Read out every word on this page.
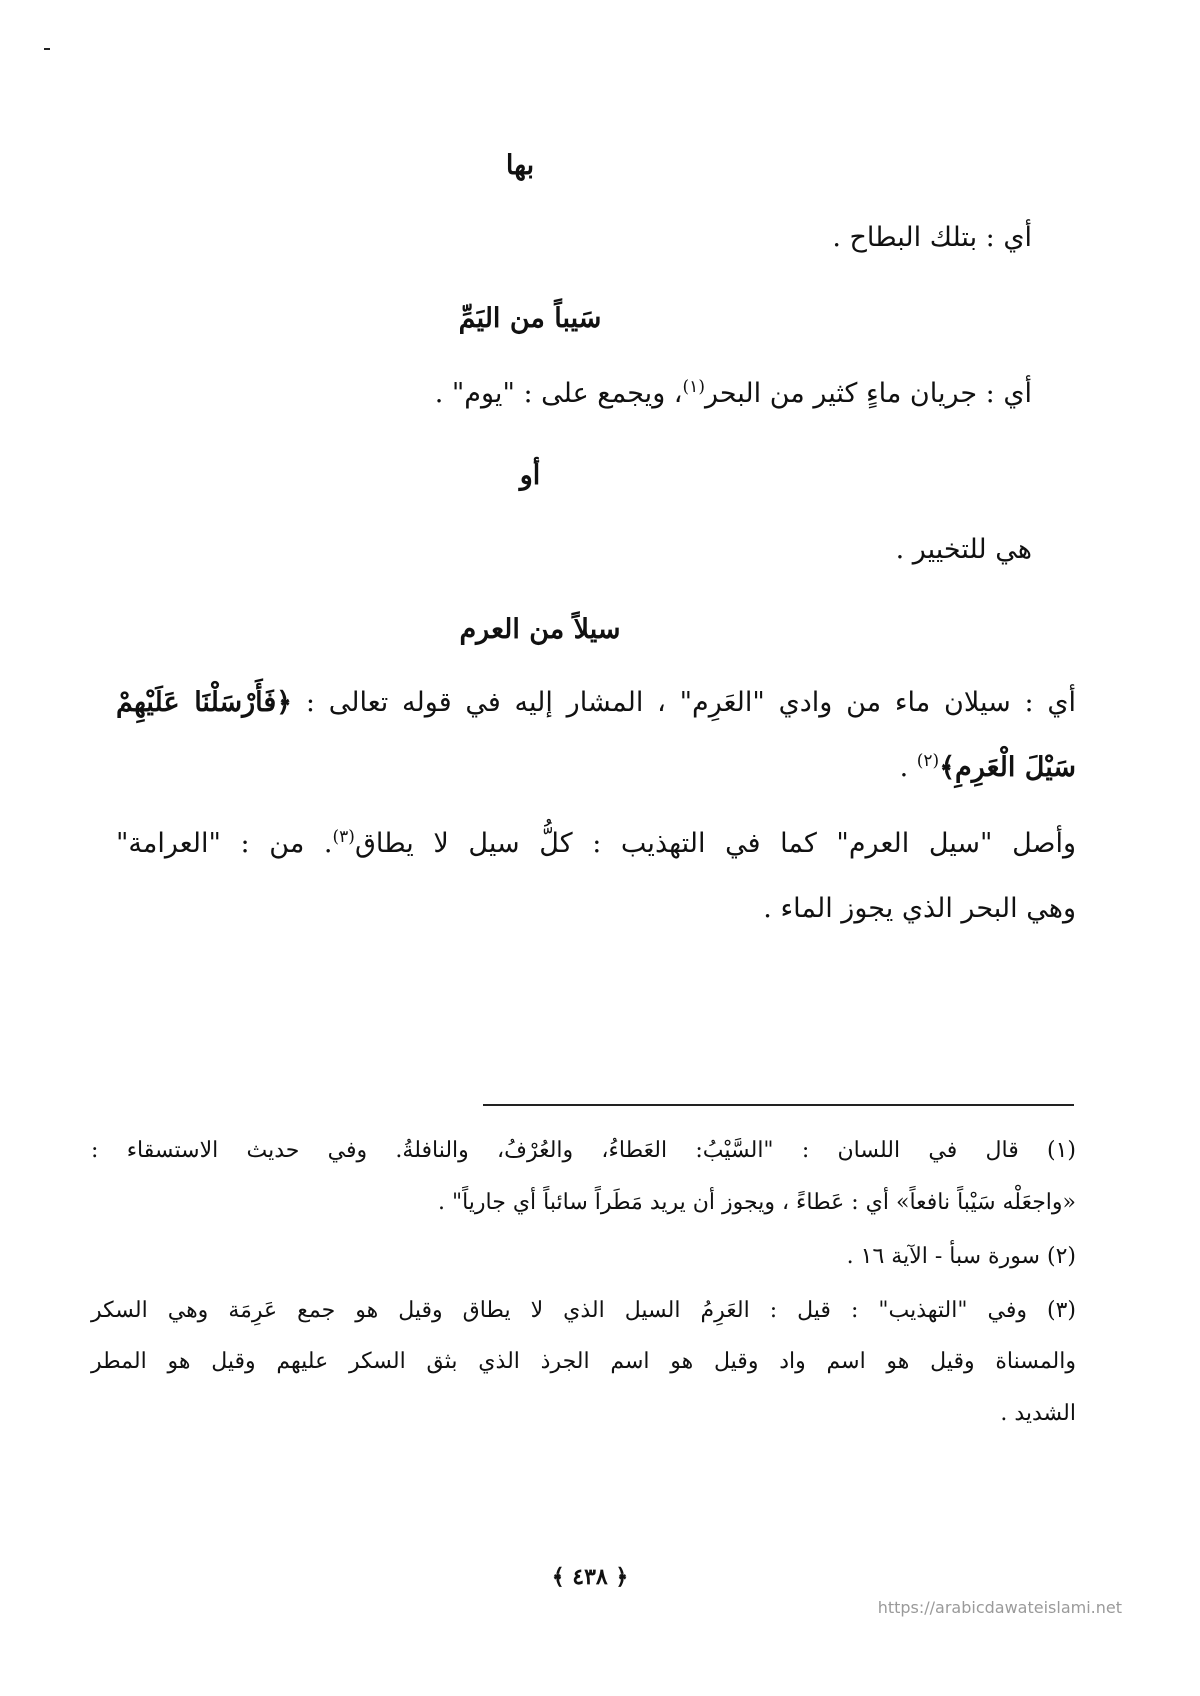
بها
أي : بتلك البطاح .
سَيباً من اليَمِّ
أي : جريان ماءٍ كثير من البحر$^{(١)}$، ويجمع على : "يوم" .
أو
هي للتخيير .
سيلاً من العرم
أي : سيلان ماء من وادي "العَرِم" ، المشار إليه في قوله تعالى : ﴿فَأَرْسَلْنَا عَلَيْهِمْ
سَيْلَ الْعَرِمِ﴾$^{(٢)}$ .
وأصل "سيل العرم" كما في التهذيب : كلُّ سيل لا يطاق$^{(٣)}$. من : "العرامة"
وهي البحر الذي يجوز الماء .
(١) قال في اللسان : "السَّيْبُ: العَطاءُ، والعُرْفُ، والنافلةُ. وفي حديث الاستسقاء :
«واجعَلْه سَيْباً نافعاً» أي : عَطاءً ، ويجوز أن يريد مَطَراً سائباً أي جارياً" .
(٢) سورة سبأ - الآية ١٦ .
(٣) وفي "التهذيب" : قيل : العَرِمُ السيل الذي لا يطاق وقيل هو جمع عَرِمَة وهي السكر
والمسناة وقيل هو اسم واد وقيل هو اسم الجرذ الذي بثق السكر عليهم وقيل هو المطر
الشديد .
﴿ ٤٣٨ ﴾
https://arabicdawateislami.net
